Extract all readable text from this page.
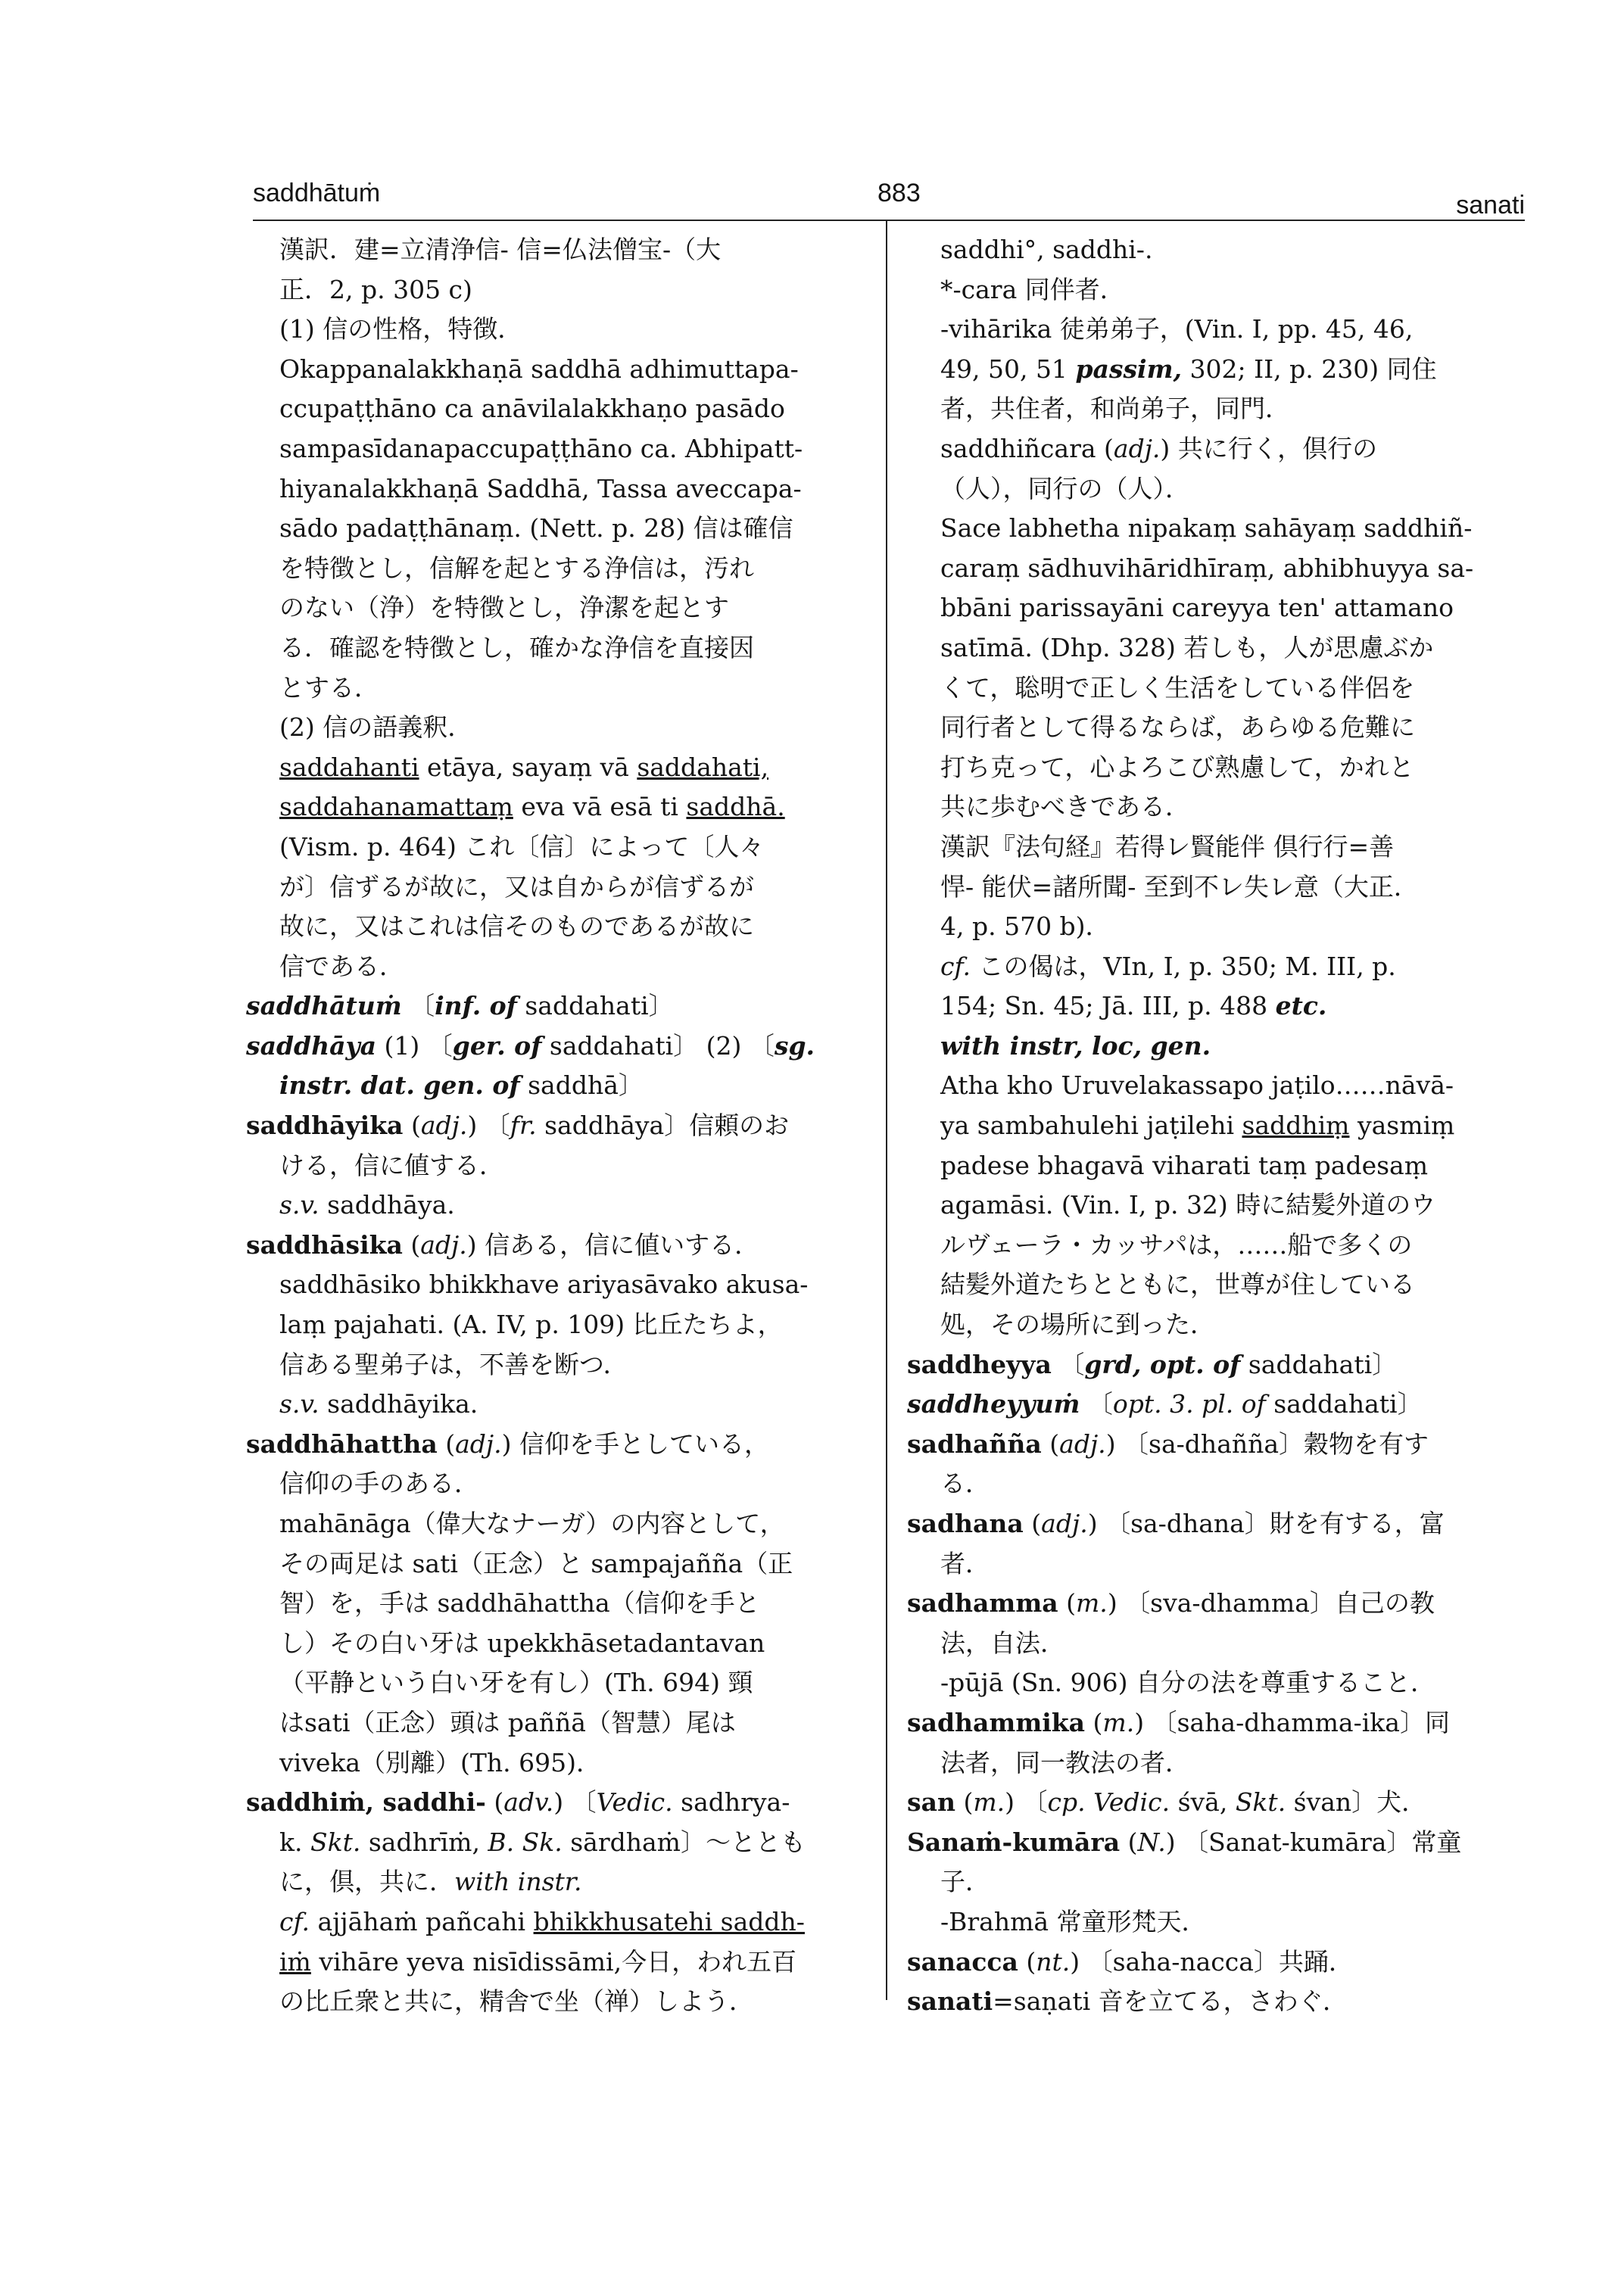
saddhātuṁ	883	sanati
漢訳．建=立清浄信- 信=仏法僧宝-（大
正．2, p. 305 c)
(1) 信の性格，特徴．
Okappanalakkhaṇā saddhā adhimuttapa-
ccupaṭṭhāno ca anāvilalakkhaṇo pasādo
sampasīdanapaccupaṭṭhāno ca. Abhipatt-
hiyanalakkhaṇā Saddhā, Tassa aveccapa-
sādo padaṭṭhānaṃ. (Nett. p. 28) 信は確信
を特徴とし，信解を起とする浄信は，汚れ
のない（浄）を特徴とし，浄潔を起とす
る．確認を特徴とし，確かな浄信を直接因
とする．
(2) 信の語義釈．
saddahanti etāya, sayaṃ vā saddahati,
saddahanamattaṃ eva vā esā ti saddhā.
(Vism. p. 464) これ〔信〕によって〔人々
が〕信ずるが故に，又は自からが信ずるが
故に，又はこれは信そのものであるが故に
信である．
saddhātuṁ 〔inf. of saddahati〕
saddhāya (1) 〔ger. of saddahati〕 (2) 〔sg.
instr. dat. gen. of saddhā〕
saddhāyika (adj.) 〔fr. saddhāya〕信頼のお
ける，信に値する．
s.v. saddhāya.
saddhāsika (adj.) 信ある，信に値いする．
saddhāsiko bhikkhave ariyasāvako akusa-
laṃ pajahati. (A. IV, p. 109) 比丘たちよ，
信ある聖弟子は，不善を断つ．
s.v. saddhāyika.
saddhāhattha (adj.) 信仰を手としている，
信仰の手のある．
mahānāga（偉大なナーガ）の内容として，
その両足は sati（正念）と sampajañña（正
智）を，手は saddhāhattha（信仰を手と
し）その白い牙は upekkhāsetadantavan
（平静という白い牙を有し）(Th. 694) 頸
はsati（正念）頭は paññā（智慧）尾は
viveka（別離）(Th. 695)．
saddhiṁ, saddhi- (adv.) 〔Vedic. sadhrya-
k. Skt. sadhrīṁ, B. Sk. sārdhaṁ〕〜ととも
に，倶，共に．with instr.
cf. ajjāhaṁ pañcahi bhikkhusatehi saddh-
iṁ vihāre yeva nisīdissāmi,今日，われ五百
の比丘衆と共に，精舎で坐（禅）しよう．
saddhi°, saddhi-.
*-cara 同伴者．
-vihārika 徒弟弟子，(Vin. I, pp. 45, 46,
49, 50, 51 passim, 302; II, p. 230) 同住
者，共住者，和尚弟子，同門．
saddhiñcara (adj.) 共に行く，倶行の
（人），同行の（人）．
Sace labhetha nipakaṃ sahāyaṃ saddhiñ-
caraṃ sādhuvihāridhīraṃ, abhibhuyya sa-
bbāni parissayāni careyya ten' attamano
satīmā. (Dhp. 328) 若しも，人が思慮ぶか
くて，聡明で正しく生活をしている伴侶を
同行者として得るならば，あらゆる危難に
打ち克って，心よろこび熟慮して，かれと
共に歩むべきである．
漢訳『法句経』若得レ賢能伴 倶行行=善
悍- 能伏=諸所聞- 至到不レ失レ意（大正．
4, p. 570 b)．
cf. この偈は，VIn, I, p. 350; M. III, p.
154; Sn. 45; Jā. III, p. 488 etc.
with instr, loc, gen.
Atha kho Uruvelakassapo jaṭilo……nāvā-
ya sambahulehi jaṭilehi saddhiṃ yasmiṃ
padese bhagavā viharati taṃ padesaṃ
agamāsi. (Vin. I, p. 32) 時に結髪外道のウ
ルヴェーラ・カッサパは，……船で多くの
結髪外道たちとともに，世尊が住している
処，その場所に到った．
saddheyya 〔grd, opt. of saddahati〕
saddheyyuṁ 〔opt. 3. pl. of saddahati〕
sadhañña (adj.) 〔sa-dhañña〕穀物を有す
る．
sadhana (adj.) 〔sa-dhana〕財を有する，富
者．
sadhamma (m.) 〔sva-dhamma〕自己の教
法，自法．
-pūjā (Sn. 906) 自分の法を尊重すること．
sadhammika (m.) 〔saha-dhamma-ika〕同
法者，同一教法の者．
san (m.) 〔cp. Vedic. śvā, Skt. śvan〕犬．
Sanaṁ-kumāra (N.) 〔Sanat-kumāra〕常童
子．
-Brahmā 常童形梵天．
sanacca (nt.) 〔saha-nacca〕共踊．
sanati=saṇati 音を立てる，さわぐ．
